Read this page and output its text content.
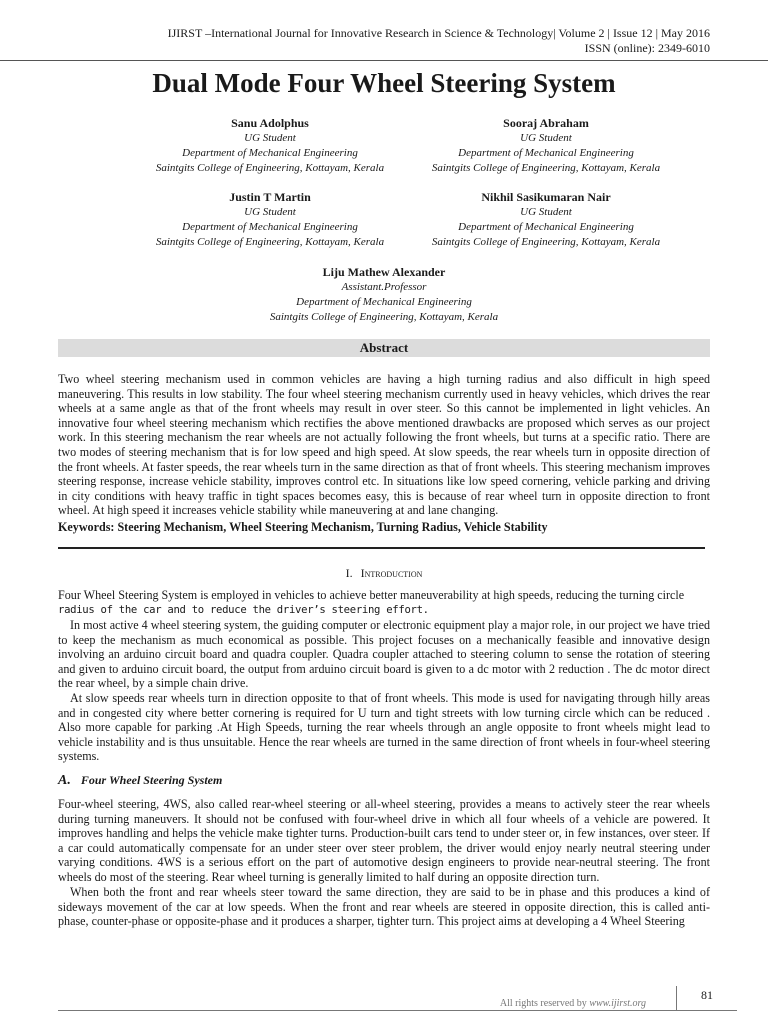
IJIRST –International Journal for Innovative Research in Science & Technology| Volume 2 | Issue 12 | May 2016
ISSN (online): 2349-6010
Dual Mode Four Wheel Steering System
Sanu Adolphus
UG Student
Department of Mechanical Engineering
Saintgits College of Engineering, Kottayam, Kerala
Sooraj Abraham
UG Student
Department of Mechanical Engineering
Saintgits College of Engineering, Kottayam, Kerala
Justin T Martin
UG Student
Department of Mechanical Engineering
Saintgits College of Engineering, Kottayam, Kerala
Nikhil Sasikumaran Nair
UG Student
Department of Mechanical Engineering
Saintgits College of Engineering, Kottayam, Kerala
Liju Mathew Alexander
Assistant.Professor
Department of Mechanical Engineering
Saintgits College of Engineering, Kottayam, Kerala
Abstract

Two wheel steering mechanism used in common vehicles are having a high turning radius and also difficult in high speed maneuvering. This results in low stability. The four wheel steering mechanism currently used in heavy vehicles, which drives the rear wheels at a same angle as that of the front wheels may result in over steer. So this cannot be implemented in light vehicles. An innovative four wheel steering mechanism which rectifies the above mentioned drawbacks are proposed which serves as our project work. In this steering mechanism the rear wheels are not actually following the front wheels, but turns at a specific ratio. There are two modes of steering mechanism that is for low speed and high speed. At slow speeds, the rear wheels turn in opposite direction of the front wheels. At faster speeds, the rear wheels turn in the same direction as that of front wheels. This steering mechanism improves steering response, increase vehicle stability, improves control etc. In situations like low speed cornering, vehicle parking and driving in city conditions with heavy traffic in tight spaces becomes easy, this is because of rear wheel turn in opposite direction to front wheel. At high speed it increases vehicle stability while maneuvering at and lane changing.

Keywords: Steering Mechanism, Wheel Steering Mechanism, Turning Radius, Vehicle Stability

I. Introduction
Four Wheel Steering System is employed in vehicles to achieve better maneuverability at high speeds, reducing the turning circle
radius of the car and to reduce the driver’s steering effort.

In most active 4 wheel steering system, the guiding computer or electronic equipment play a major role, in our project we have tried to keep the mechanism as much economical as possible. This project focuses on a mechanically feasible and innovative design involving an arduino circuit board and quadra coupler. Quadra coupler attached to steering column to sense the rotation of steering and given to arduino circuit board, the output from arduino circuit board is given to a dc motor with 2 reduction . The dc motor direct the rear wheel, by a simple chain drive.

At slow speeds rear wheels turn in direction opposite to that of front wheels. This mode is used for navigating through hilly areas and in congested city where better cornering is required for U turn and tight streets with low turning circle which can be reduced . Also more capable for parking .At High Speeds, turning the rear wheels through an angle opposite to front wheels might lead to vehicle instability and is thus unsuitable. Hence the rear wheels are turned in the same direction of front wheels in four-wheel steering systems.

A. Four Wheel Steering System

Four-wheel steering, 4WS, also called rear-wheel steering or all-wheel steering, provides a means to actively steer the rear wheels during turning maneuvers. It should not be confused with four-wheel drive in which all four wheels of a vehicle are powered. It improves handling and helps the vehicle make tighter turns. Production-built cars tend to under steer or, in few instances, over steer. If a car could automatically compensate for an under steer over steer problem, the driver would enjoy nearly neutral steering under varying conditions. 4WS is a serious effort on the part of automotive design engineers to provide near-neutral steering. The front wheels do most of the steering. Rear wheel turning is generally limited to half during an opposite direction turn.

When both the front and rear wheels steer toward the same direction, they are said to be in phase and this produces a kind of sideways movement of the car at low speeds. When the front and rear wheels are steered in opposite direction, this is called anti-phase, counter-phase or opposite-phase and it produces a sharper, tighter turn. This project aims at developing a 4 Wheel Steering

All rights reserved by www.ijirst.org
81
